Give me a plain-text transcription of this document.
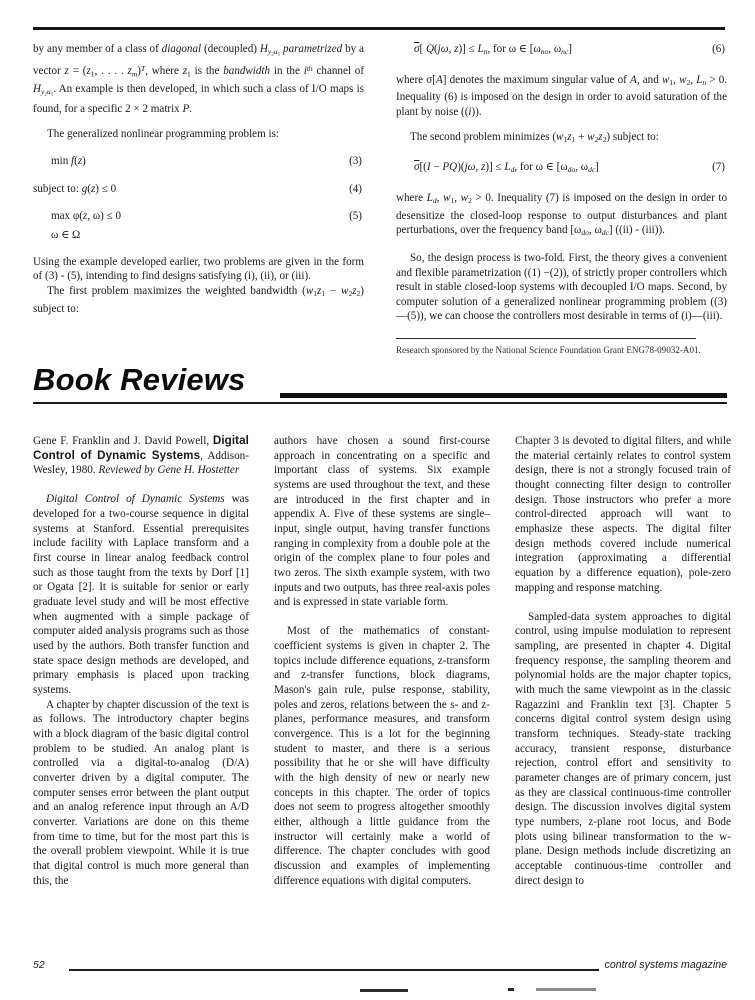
by any member of a class of diagonal (decoupled) $H_{y_2u_1}$ parametrized by a vector $z = (z_1$, . . . . $z_m)^T$, where $z_1$ is the bandwidth in the $i^{th}$ channel of $H_{y_2u_1}$. An example is then developed, in which such a class of I/O maps is found, for a specific 2 × 2 matrix P.

The generalized nonlinear programming problem is:

min f(z)	(3)
subject to: g(z) ≤ 0	(4)
max φ(z, ω) ≤ 0	(5)
ω ∈ Ω

Using the example developed earlier, two problems are given in the form of (3) - (5), intending to find designs satisfying (i), (ii), or (iii).

The first problem maximizes the weighted bandwidth $(w_1z_1 - w_2z_2)$ subject to:

$\overline{\sigma}$[ Q(jω, $z)] \le L_n$, for ω ∈ [$\omega_{no}$, $\omega_{nc}$]	(6)

where σ[A] denotes the maximum singular value of A, and $w_1$, $w_2$, $L_n > 0$. Inequality (6) is imposed on the design in order to avoid saturation of the plant by noise ((i)).

The second problem minimizes $(w_1z_1 + w_2z_2)$ subject to:

$\overline{\sigma}[(I - PQ)(j\omega$, $z)] \le L_d$, for ω ∈ [$\omega_{do}$, $\omega_{dc}$]	(7)

where $L_d$, $w_1$, $w_2 > 0$. Inequality (7) is imposed on the design in order to desensitize the closed-loop response to output disturbances and plant perturbations, over the frequency band [$\omega_{do}$, $\omega_{dc}$] ((ii) - (iii)).

So, the design process is two-fold. First, the theory gives a convenient and flexible parametrization ((1) −(2)), of strictly proper controllers which result in stable closed-loop systems with decoupled I/O maps. Second, by computer solution of a generalized nonlinear programming problem ((3)—(5)), we can choose the controllers most desirable in terms of (i)—(iii).

Research sponsored by the National Science Foundation Grant ENG78-09032-A01.
Book Reviews

Gene F. Franklin and J. David Powell, Digital Control of Dynamic Systems, Addison-Wesley, 1980. Reviewed by Gene H. Hostetter

Digital Control of Dynamic Systems was developed for a two-course sequence in digital systems at Stanford. Essential prerequisites include facility with Laplace transform and a first course in linear analog feedback control such as those taught from the texts by Dorf [1] or Ogata [2]. It is suitable for senior or early graduate level study and will be most effective when augmented with a simple package of computer aided analysis programs such as those used by the authors. Both transfer function and state space design methods are developed, and primary emphasis is placed upon tracking systems.

A chapter by chapter discussion of the text is as follows. The introductory chapter begins with a block diagram of the basic digital control problem to be studied. An analog plant is controlled via a digital-to-analog (D/A) converter driven by a digital computer. The computer senses error between the plant output and an analog reference input through an A/D converter. Variations are done on this theme from time to time, but for the most part this is the overall problem viewpoint. While it is true that digital control is much more general than this, the

authors have chosen a sound first-course approach in concentrating on a specific and important class of systems. Six example systems are used throughout the text, and these are introduced in the first chapter and in appendix A. Five of these systems are single–input, single output, having transfer functions ranging in complexity from a double pole at the origin of the complex plane to four poles and two zeros. The sixth example system, with two inputs and two outputs, has three real-axis poles and is expressed in state variable form.

Most of the mathematics of constant-coefficient systems is given in chapter 2. The topics include difference equations, z-transform and z-transfer functions, block diagrams, Mason's gain rule, pulse response, stability, poles and zeros, relations between the s- and z-planes, performance measures, and transform convergence. This is a lot for the beginning student to master, and there is a serious possibility that he or she will have difficulty with the high density of new or nearly new concepts in this chapter. The order of topics does not seem to progress altogether smoothly either, although a little guidance from the instructor will certainly make a world of difference. The chapter concludes with good discussion and examples of implementing difference equations with digital computers.

Chapter 3 is devoted to digital filters, and while the material certainly relates to control system design, there is not a strongly focused train of thought connecting filter design to controller design. Those instructors who prefer a more control-directed approach will want to emphasize these aspects. The digital filter design methods covered include numerical integration (approximating a differential equation by a difference equation), pole-zero mapping and response matching.

Sampled-data system approaches to digital control, using impulse modulation to represent sampling, are presented in chapter 4. Digital frequency response, the sampling theorem and polynomial holds are the major chapter topics, with much the same viewpoint as in the classic Ragazzini and Franklin text [3]. Chapter 5 concerns digital control system design using transform techniques. Steady-state tracking accuracy, transient response, disturbance rejection, control effort and sensitivity to parameter changes are of primary concern, just as they are classical continuous-time controller design. The discussion involves digital system type numbers, z-plane root locus, and Bode plots using bilinear transformation to the w-plane. Design methods include discretizing an acceptable continuous-time controller and direct design to

52	control systems magazine
